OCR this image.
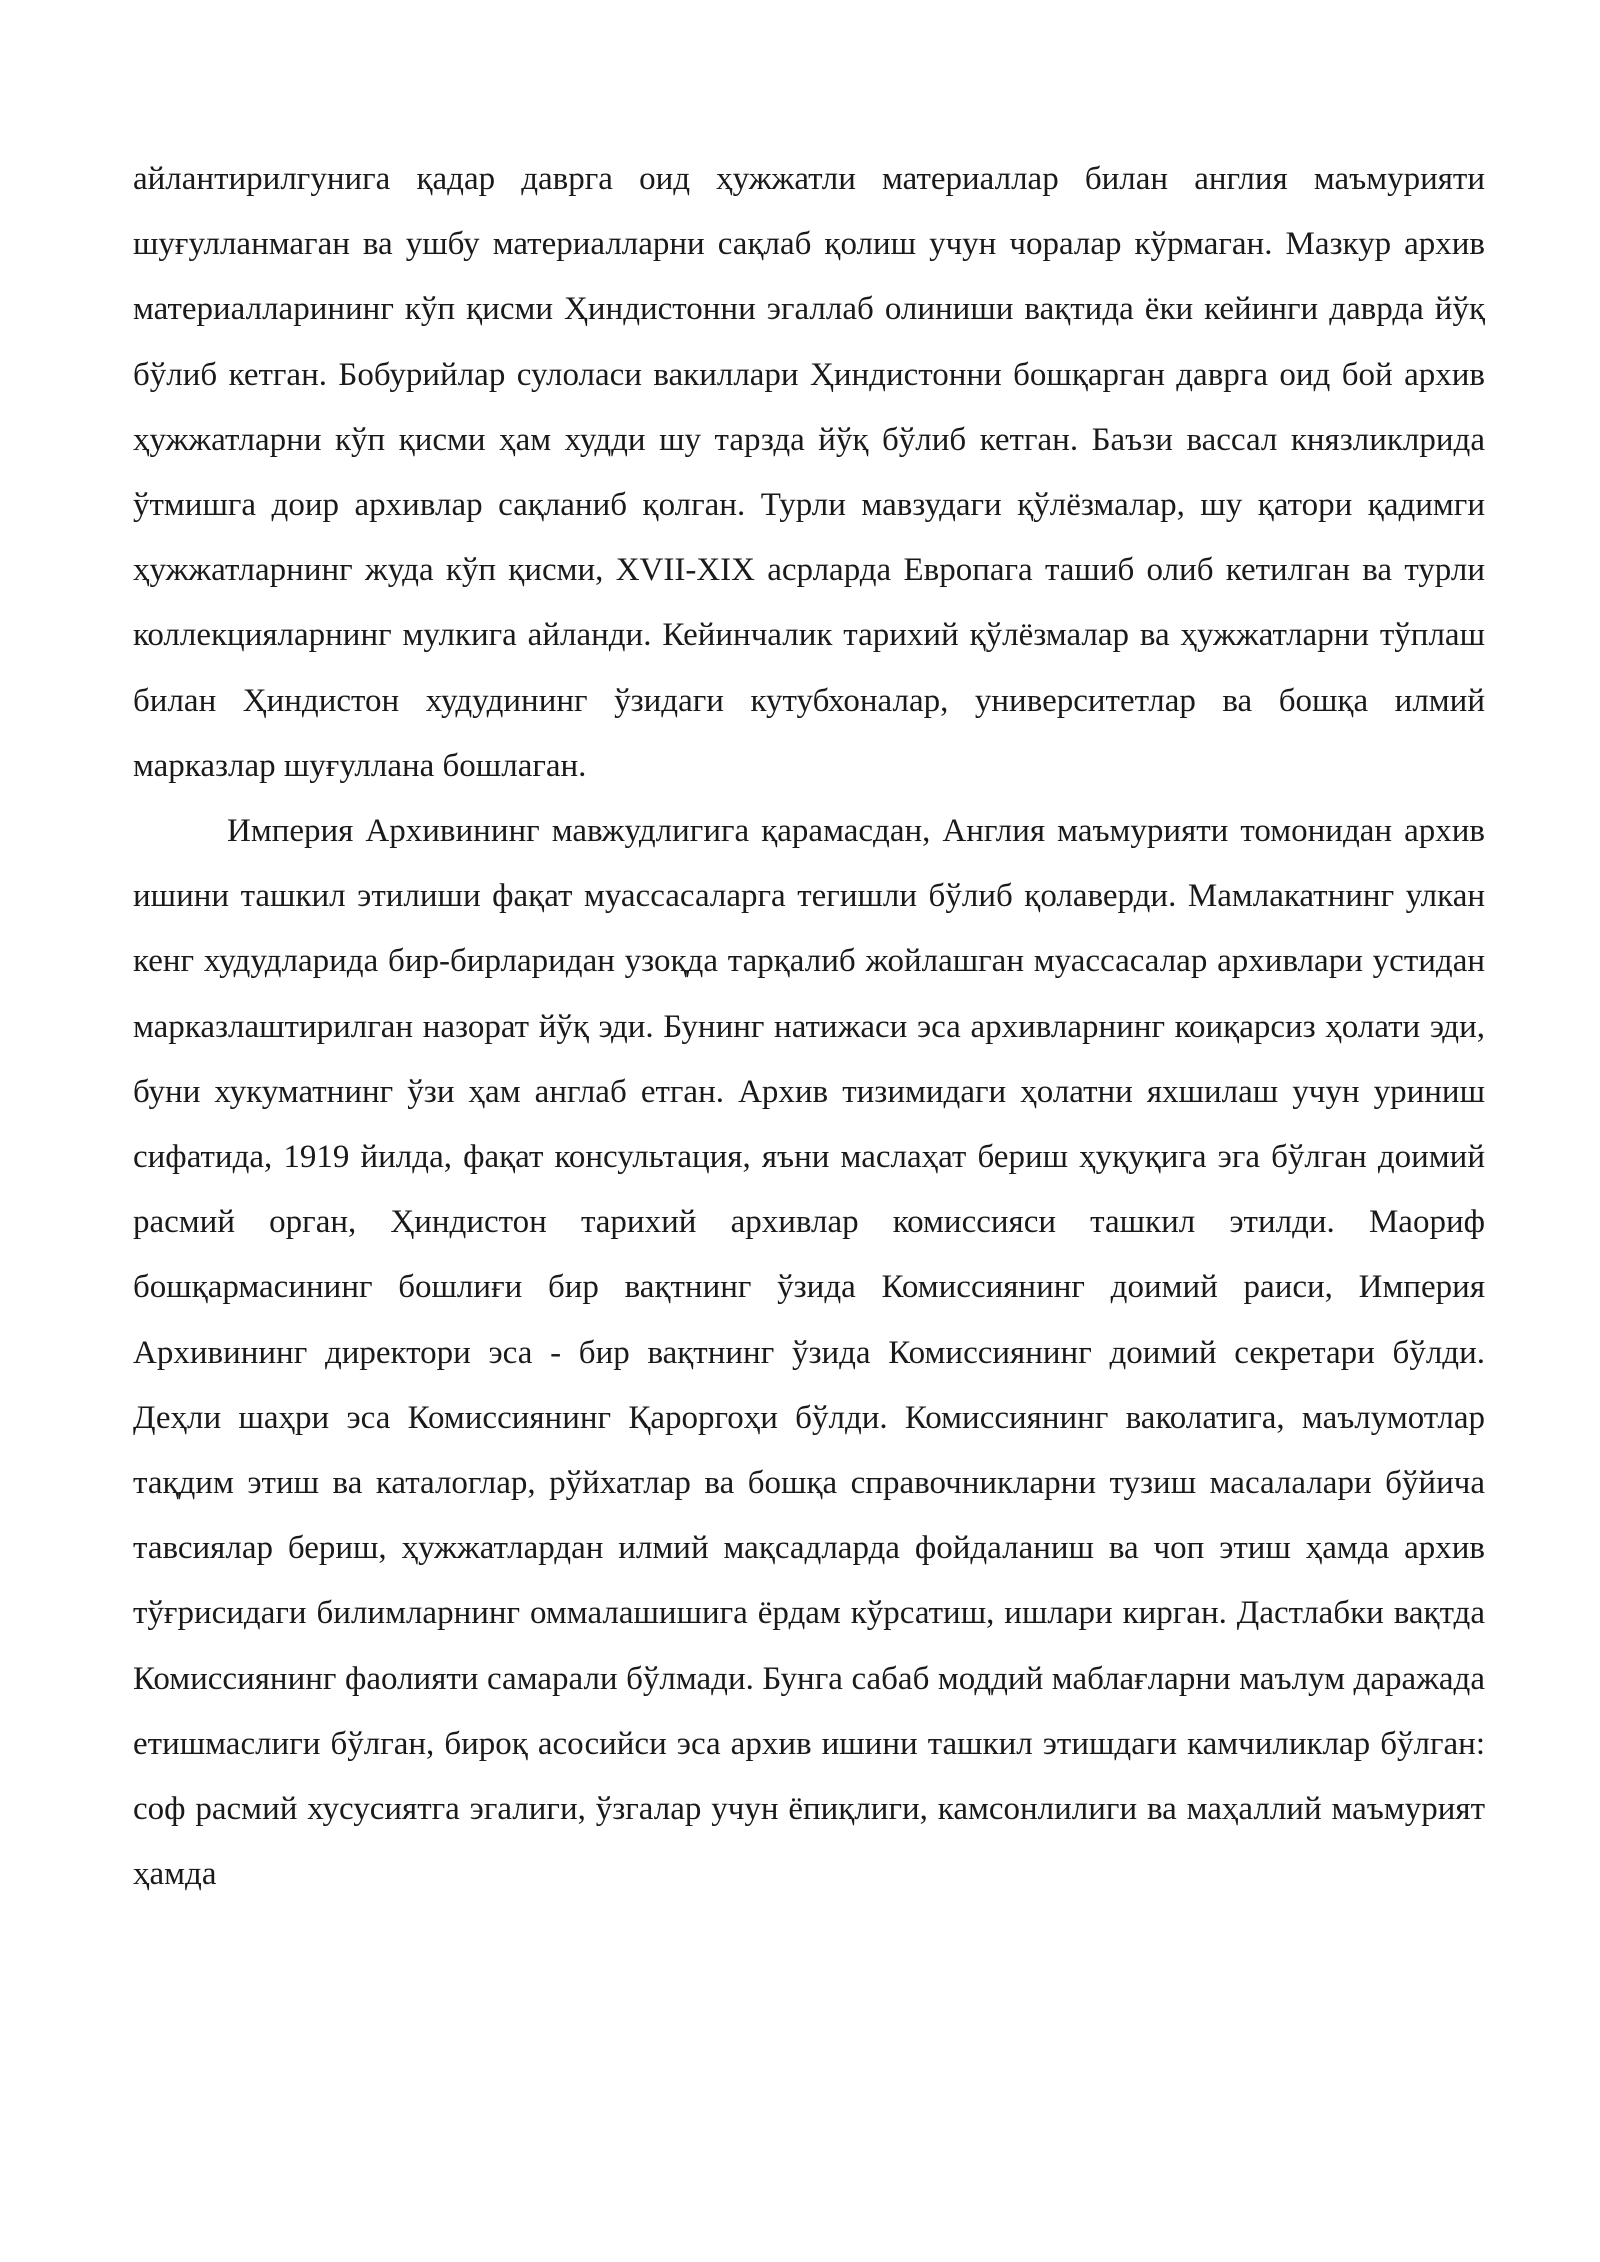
айлантирилгунига қадар даврга оид ҳужжатли материаллар билан англия маъмурияти шуғулланмаган ва ушбу материалларни сақлаб қолиш учун чоралар кўрмаган. Мазкур архив материалларининг кўп қисми Ҳиндистонни эгаллаб олиниши вақтида ёки кейинги даврда йўқ бўлиб кетган. Бобурийлар сулоласи вакиллари Ҳиндистонни бошқарган даврга оид бой архив ҳужжатларни кўп қисми ҳам худди шу тарзда йўқ бўлиб кетган. Баъзи вассал князликлрида ўтмишга доир архивлар сақланиб қолган. Турли мавзудаги қўлёзмалар, шу қатори қадимги ҳужжатларнинг жуда кўп қисми, XVII-XIX асрларда Европага ташиб олиб кетилган ва турли коллекцияларнинг мулкига айланди. Кейинчалик тарихий қўлёзмалар ва ҳужжатларни тўплаш билан Ҳиндистон худудининг ўзидаги кутубхоналар, университетлар ва бошқа илмий марказлар шуғуллана бошлаган.

Империя Архивининг мавжудлигига қарамасдан, Англия маъмурияти томонидан архив ишини ташкил этилиши фақат муассасаларга тегишли бўлиб қолаверди. Мамлакатнинг улкан кенг худудларида бир-бирларидан узоқда тарқалиб жойлашган муассасалар архивлари устидан марказлаштирилган назорат йўқ эди. Бунинг натижаси эса архивларнинг коиқарсиз ҳолати эди, буни хукуматнинг ўзи ҳам англаб етган. Архив тизимидаги ҳолатни яхшилаш учун уриниш сифатида, 1919 йилда, фақат консультация, яъни маслаҳат бериш ҳуқуқига эга бўлган доимий расмий орган, Ҳиндистон тарихий архивлар комиссияси ташкил этилди. Маориф бошқармасининг бошлиғи бир вақтнинг ўзида Комиссиянинг доимий раиси, Империя Архивининг директори эса - бир вақтнинг ўзида Комиссиянинг доимий секретари бўлди. Деҳли шаҳри эса Комиссиянинг Қароргоҳи бўлди. Комиссиянинг ваколатига, маълумотлар тақдим этиш ва каталоглар, рўйхатлар ва бошқа справочникларни тузиш масалалари бўйича тавсиялар бериш, ҳужжатлардан илмий мақсадларда фойдаланиш ва чоп этиш ҳамда архив тўғрисидаги билимларнинг оммалашишига ёрдам кўрсатиш, ишлари кирган. Дастлабки вақтда Комиссиянинг фаолияти самарали бўлмади. Бунга сабаб моддий маблағларни маълум даражада етишмаслиги бўлган, бироқ асосийси эса архив ишини ташкил этишдаги камчиликлар бўлган: соф расмий хусусиятга эгалиги, ўзгалар учун ёпиқлиги, камсонлилиги ва маҳаллий маъмурият ҳамда
